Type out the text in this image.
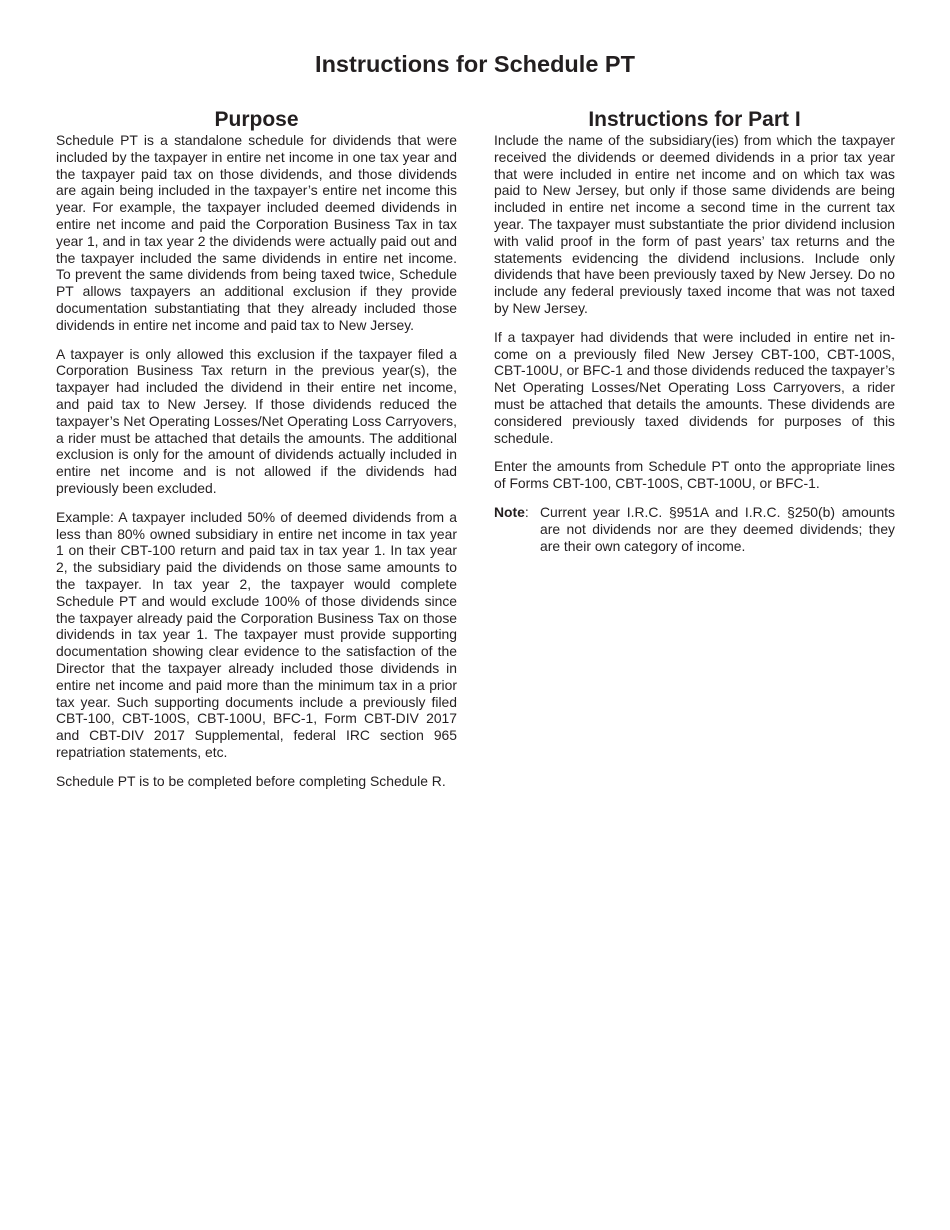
Instructions for Schedule PT
Purpose

Schedule PT is a standalone schedule for dividends that were included by the taxpayer in entire net income in one tax year and the taxpayer paid tax on those dividends, and those dividends are again being included in the taxpayer’s entire net income this year. For example, the taxpayer included deemed dividends in entire net income and paid the Corporation Business Tax in tax year 1, and in tax year 2 the dividends were actually paid out and the taxpayer included the same dividends in entire net income. To prevent the same dividends from being taxed twice, Schedule PT allows taxpayers an additional exclusion if they provide documentation substantiating that they already included those dividends in entire net income and paid tax to New Jersey.

A taxpayer is only allowed this exclusion if the taxpayer filed a Corporation Business Tax return in the previous year(s), the taxpayer had included the dividend in their entire net income, and paid tax to New Jersey. If those dividends reduced the taxpayer’s Net Operating Losses/Net Operating Loss Carryovers, a rider must be attached that details the amounts. The additional exclusion is only for the amount of dividends actually included in entire net income and is not allowed if the dividends had previously been excluded.

Example: A taxpayer included 50% of deemed dividends from a less than 80% owned subsidiary in entire net income in tax year 1 on their CBT-100 return and paid tax in tax year 1. In tax year 2, the subsidiary paid the dividends on those same amounts to the taxpayer. In tax year 2, the taxpayer would complete Schedule PT and would exclude 100% of those dividends since the taxpayer already paid the Corporation Business Tax on those dividends in tax year 1. The taxpayer must provide supporting documentation showing clear evidence to the satisfaction of the Director that the taxpayer already included those dividends in entire net income and paid more than the minimum tax in a prior tax year. Such supporting documents include a previously filed CBT-100, CBT-100S, CBT-100U, BFC-1, Form CBT-DIV 2017 and CBT-DIV 2017 Supplemental, federal IRC section 965 repatriation statements, etc.

Schedule PT is to be completed before completing Schedule R.

Instructions for Part I

Include the name of the subsidiary(ies) from which the taxpayer received the dividends or deemed dividends in a prior tax year that were included in entire net income and on which tax was paid to New Jersey, but only if those same dividends are being included in entire net income a second time in the current tax year. The taxpayer must substantiate the prior dividend inclusion with valid proof in the form of past years’ tax returns and the statements evidencing the dividend inclusions. Include only dividends that have been previously taxed by New Jersey. Do no include any federal previously taxed income that was not taxed by New Jersey.

If a taxpayer had dividends that were included in entire net income on a previously filed New Jersey CBT-100, CBT-100S, CBT-100U, or BFC-1 and those dividends reduced the taxpayer’s Net Operating Losses/Net Operating Loss Carryovers, a rider must be attached that details the amounts. These dividends are considered previously taxed dividends for purposes of this schedule.

Enter the amounts from Schedule PT onto the appropriate lines of Forms CBT-100, CBT-100S, CBT-100U, or BFC-1.

Note: Current year I.R.C. §951A and I.R.C. §250(b) amounts are not dividends nor are they deemed dividends; they are their own category of income.
